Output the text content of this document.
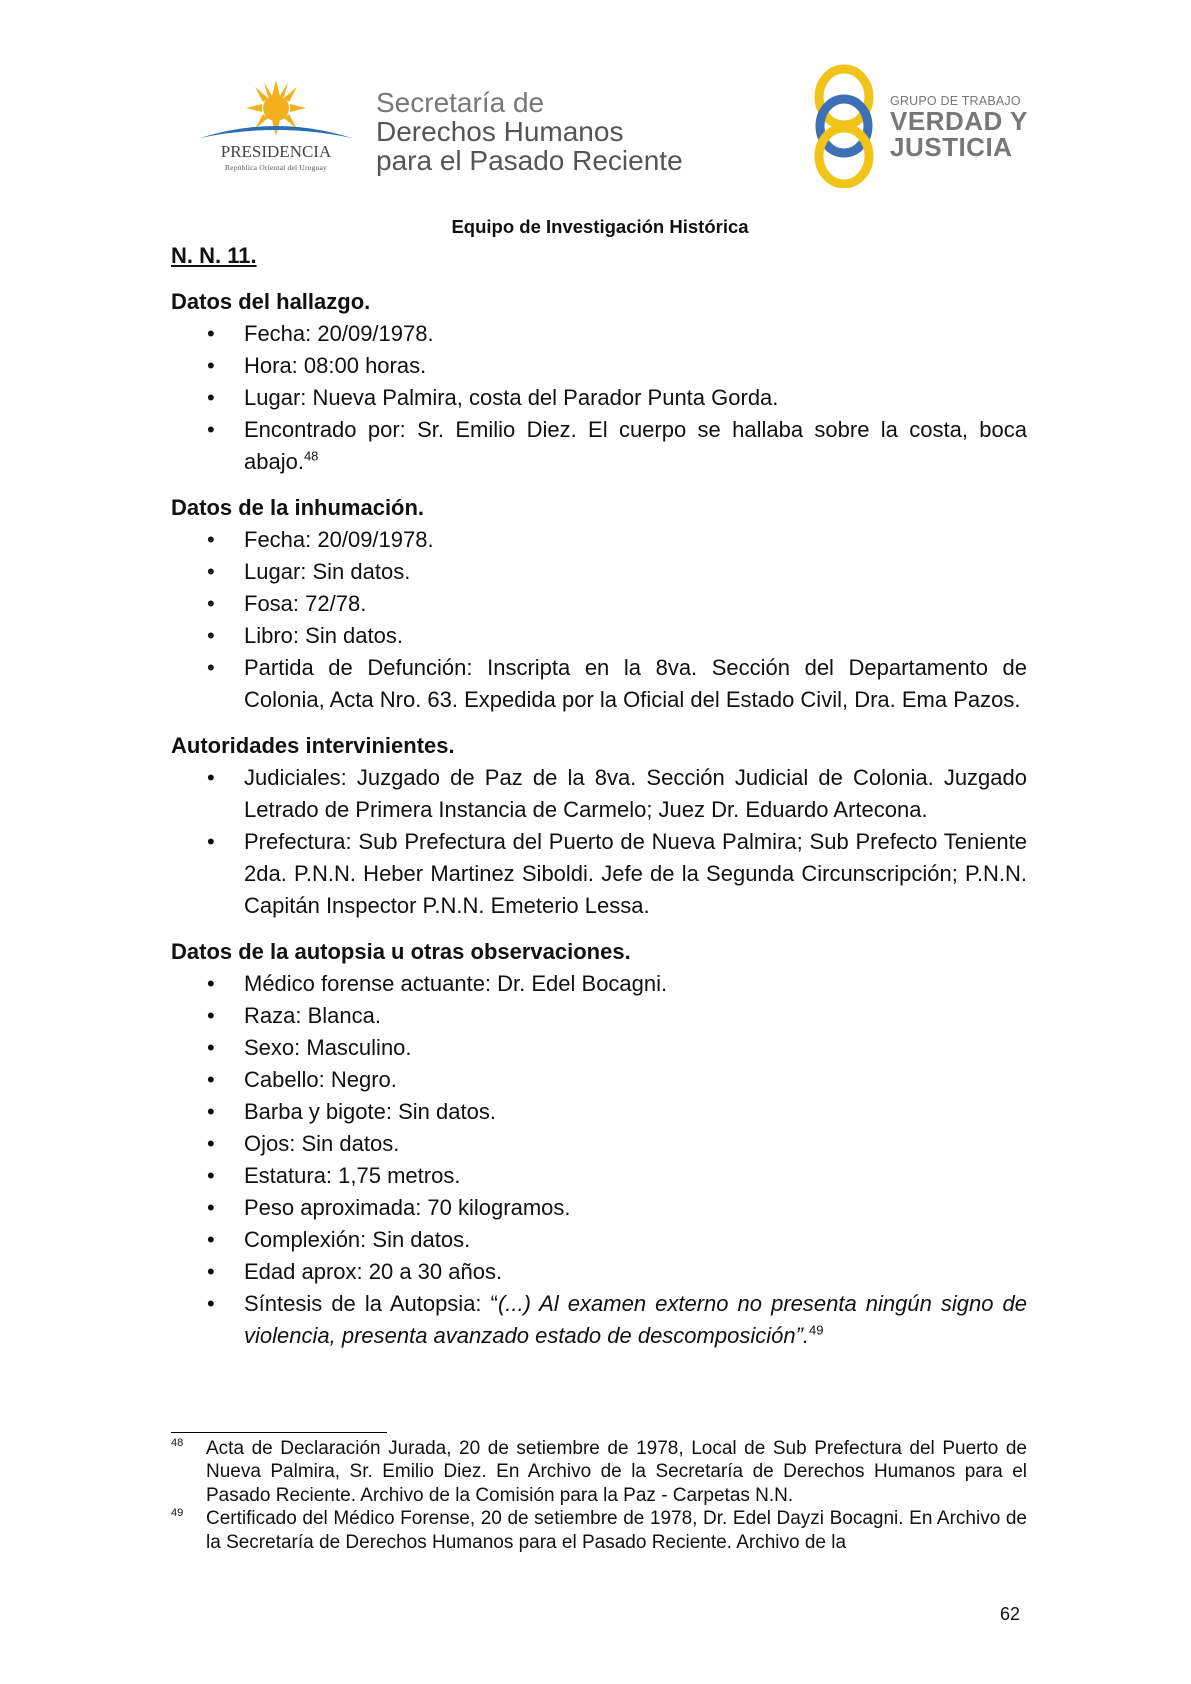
PRESIDENCIA
República Oriental del Uruguay
Secretaría de
Derechos Humanos
para el Pasado Reciente
GRUPO DE TRABAJO
VERDAD Y
JUSTICIA
Equipo de Investigación Histórica
N. N. 11.
Datos del hallazgo.
• Fecha: 20/09/1978.
• Hora: 08:00 horas.
• Lugar: Nueva Palmira, costa del Parador Punta Gorda.
• Encontrado por: Sr. Emilio Diez. El cuerpo se hallaba sobre la costa, boca abajo.$^{48}$
Datos de la inhumación.
• Fecha: 20/09/1978.
• Lugar: Sin datos.
• Fosa: 72/78.
• Libro: Sin datos.
• Partida de Defunción: Inscripta en la 8va. Sección del Departamento de Colonia, Acta Nro. 63. Expedida por la Oficial del Estado Civil, Dra. Ema Pazos.
Autoridades intervinientes.
• Judiciales: Juzgado de Paz de la 8va. Sección Judicial de Colonia. Juzgado Letrado de Primera Instancia de Carmelo; Juez Dr. Eduardo Artecona.
• Prefectura: Sub Prefectura del Puerto de Nueva Palmira; Sub Prefecto Teniente 2da. P.N.N. Heber Martinez Siboldi. Jefe de la Segunda Circunscripción; P.N.N. Capitán Inspector P.N.N. Emeterio Lessa.
Datos de la autopsia u otras observaciones.
• Médico forense actuante: Dr. Edel Bocagni.
• Raza: Blanca.
• Sexo: Masculino.
• Cabello: Negro.
• Barba y bigote: Sin datos.
• Ojos: Sin datos.
• Estatura: 1,75 metros.
• Peso aproximada: 70 kilogramos.
• Complexión: Sin datos.
• Edad aprox: 20 a 30 años.
• Síntesis de la Autopsia: “(...) Al examen externo no presenta ningún signo de violencia, presenta avanzado estado de descomposición”.$^{49}$
48 Acta de Declaración Jurada, 20 de setiembre de 1978, Local de Sub Prefectura del Puerto de Nueva Palmira, Sr. Emilio Diez. En Archivo de la Secretaría de Derechos Humanos para el Pasado Reciente. Archivo de la Comisión para la Paz - Carpetas N.N.
49 Certificado del Médico Forense, 20 de setiembre de 1978, Dr. Edel Dayzi Bocagni. En Archivo de la Secretaría de Derechos Humanos para el Pasado Reciente. Archivo de la
62
